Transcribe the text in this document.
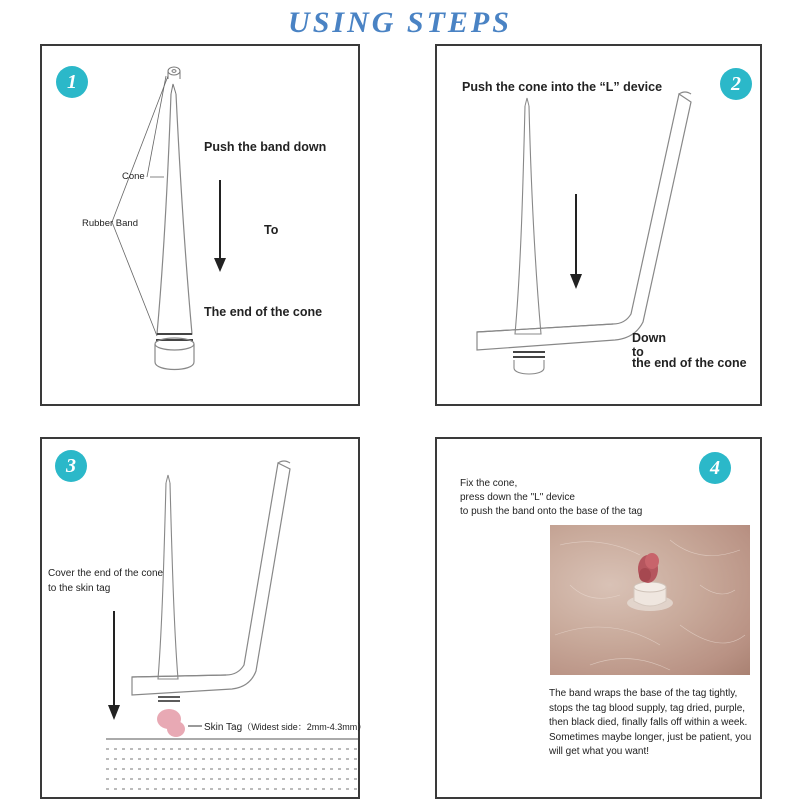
USING STEPS
1
Cone
Rubber Band
Push the band down
To
The end of the cone
2
Push the cone into the “L” device
Down
to
the end of the cone
3
Cover the end of the cone
to the skin tag
Skin Tag（Widest side：2mm-4.3mm）
4
Fix the cone,
press down the "L" device
to push the band onto the base of the tag
The band wraps the base of the tag tightly,
stops the tag blood supply, tag dried, purple,
then black died, finally falls off within a week.
Sometimes maybe longer, just be patient, you
will get what you want!
